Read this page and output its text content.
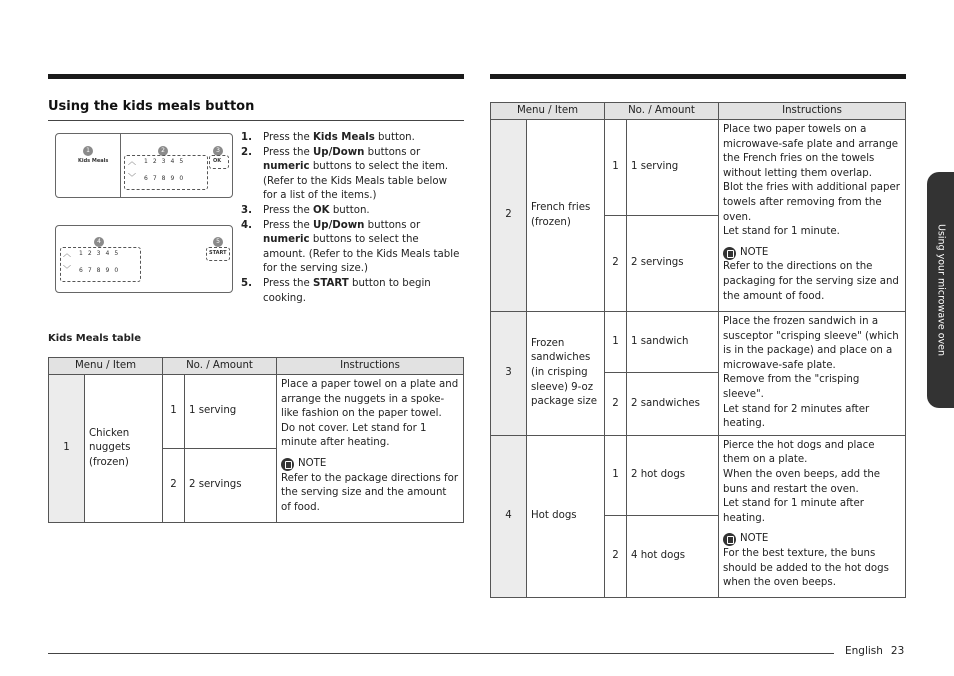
Using the kids meals button
1	2	3
Kids Meals ︿
﹀
12345
67890
OK
4	5
︿
﹀
12345
67890
START
1.	Press the Kids Meals button.
2.	Press the Up/Down buttons or numeric buttons to select the item. (Refer to the Kids Meals table below for a list of the items.)
3.	Press the OK button.
4.	Press the Up/Down buttons or numeric buttons to select the amount. (Refer to the Kids Meals table for the serving size.)
5.	Press the START button to begin cooking.
Kids Meals table
Menu / Item		No. / Amount		Instructions
1	Chicken nuggets (frozen)	1	1 serving	Place a paper towel on a plate and arrange the nuggets in a spoke-like fashion on the paper towel.
Do not cover. Let stand for 1 minute after heating.
NOTE
Refer to the package directions for the serving size and the amount of food.

		2	2 servings	
Menu / Item		No. / Amount		Instructions
2	French fries (frozen)	1	1 serving	Place two paper towels on a microwave-safe plate and arrange the French fries on the towels without letting them overlap.
Blot the fries with additional paper towels after removing from the oven.
Let stand for 1 minute.
NOTE
Refer to the directions on the packaging for the serving size and the amount of food.

		2	2 servings	
3	Frozen sandwiches (in crisping sleeve) 9-oz package size	1	1 sandwich	Place the frozen sandwich in a susceptor "crisping sleeve" (which is in the package) and place on a microwave-safe plate.
Remove from the "crisping sleeve".
Let stand for 2 minutes after heating.

		2	2 sandwiches	
4	Hot dogs	1	2 hot dogs	Pierce the hot dogs and place them on a plate.
When the oven beeps, add the buns and restart the oven.
Let stand for 1 minute after heating.
NOTE
For the best texture, the buns should be added to the hot dogs when the oven beeps.

		2	4 hot dogs	
Using your microwave oven
English 23
